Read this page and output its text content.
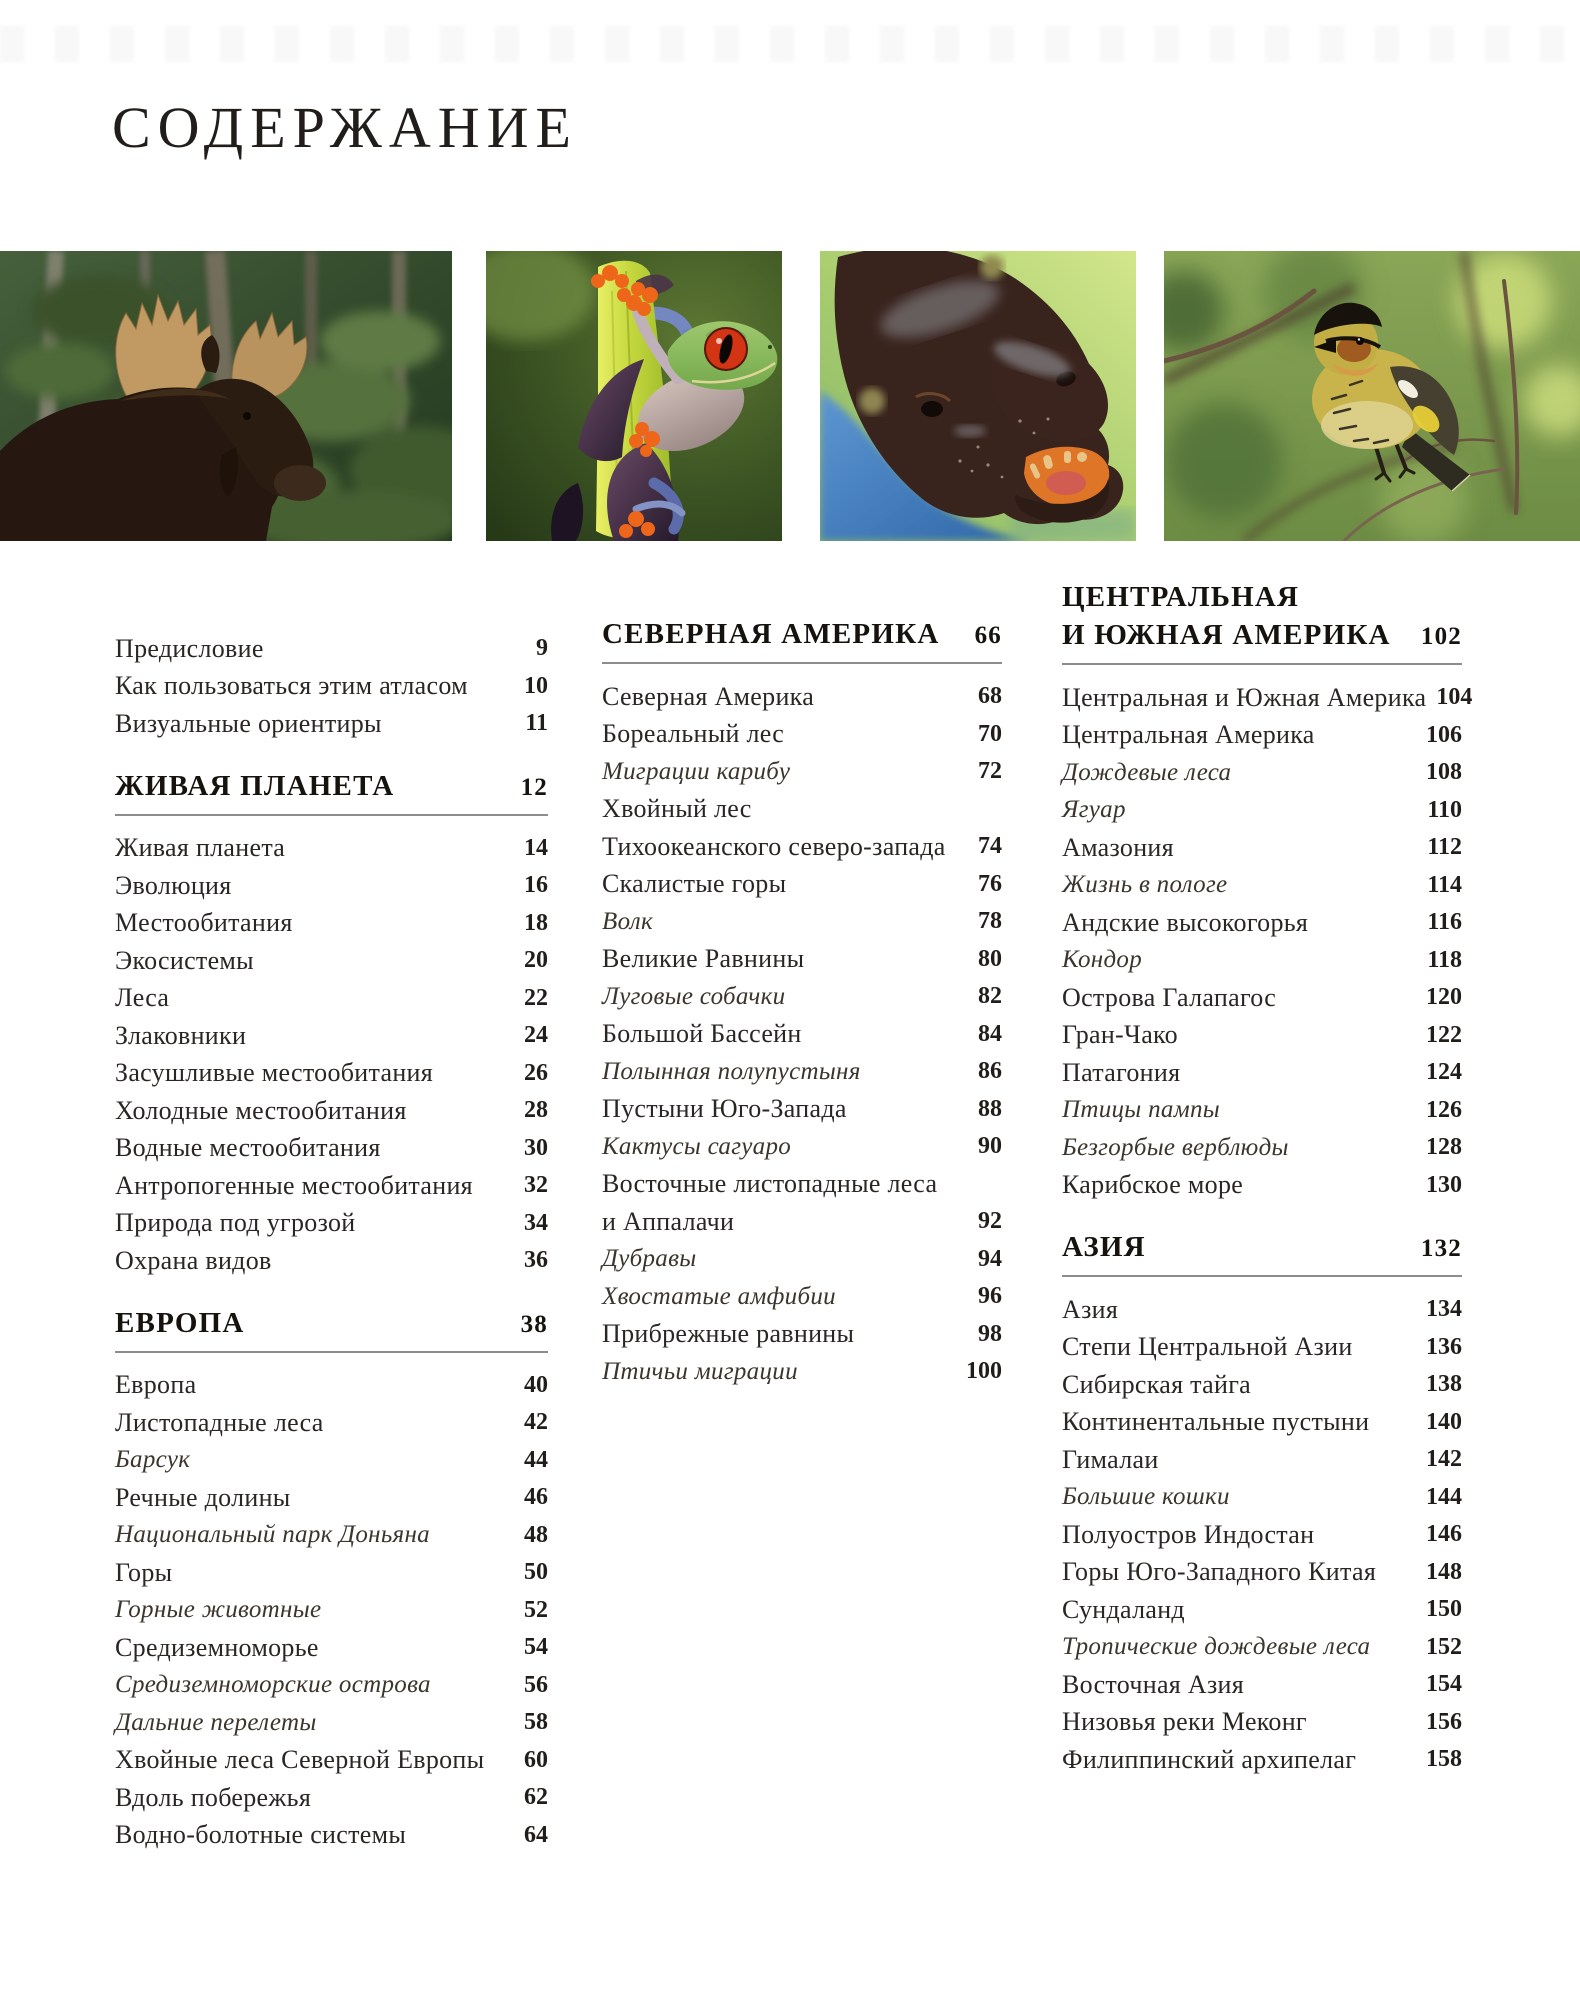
СОДЕРЖАНИЕ
Предисловие	9
Как пользоваться этим атласом 10
Визуальные ориентиры	11
ЖИВАЯ ПЛАНЕТА	12
Живая планета	14
Эволюция	16
Местообитания	18
Экосистемы	20
Леса	22
Злаковники	24
Засушливые местообитания	26
Холодные местообитания	28
Водные местообитания	30
Антропогенные местообитания 32
Природа под угрозой	34
Охрана видов	36
ЕВРОПА	38
Европа	40
Листопадные леса	42
Барсук	44
Речные долины	46
Национальный парк Доньяна	48
Горы	50
Горные животные	52
Средиземноморье	54
Средиземноморские острова	56
Дальние перелеты	58
Хвойные леса Северной Европы 60
Вдоль побережья	62
Водно-болотные системы	64
СЕВЕРНАЯ АМЕРИКА 66
Северная Америка	68
Бореальный лес	70
Миграции карибу	72
Хвойный лес
Тихоокеанского северо-запада 74
Скалистые горы	76
Волк	78
Великие Равнины	80
Луговые собачки	82
Большой Бассейн	84
Полынная полупустыня	86
Пустыни Юго-Запада	88
Кактусы сагуаро	90
Восточные листопадные леса
и Аппалачи	92
Дубравы	94
Хвостатые амфибии	96
Прибрежные равнины	98
Птичьи миграции	100
ЦЕНТРАЛЬНАЯ
И ЮЖНАЯ АМЕРИКА 102
Центральная и Южная Америка 104
Центральная Америка	106
Дождевые леса	108
Ягуар	110
Амазония	112
Жизнь в пологе	114
Андские высокогорья	116
Кондор	118
Острова Галапагос	120
Гран-Чако	122
Патагония	124
Птицы пампы	126
Безгорбые верблюды	128
Карибское море	130
АЗИЯ	132
Азия	134
Степи Центральной Азии	136
Сибирская тайга	138
Континентальные пустыни 140
Гималаи	142
Большие кошки	144
Полуостров Индостан	146
Горы Юго-Западного Китая 148
Сундаланд	150
Тропические дождевые леса 152
Восточная Азия	154
Низовья реки Меконг	156
Филиппинский архипелаг	158
